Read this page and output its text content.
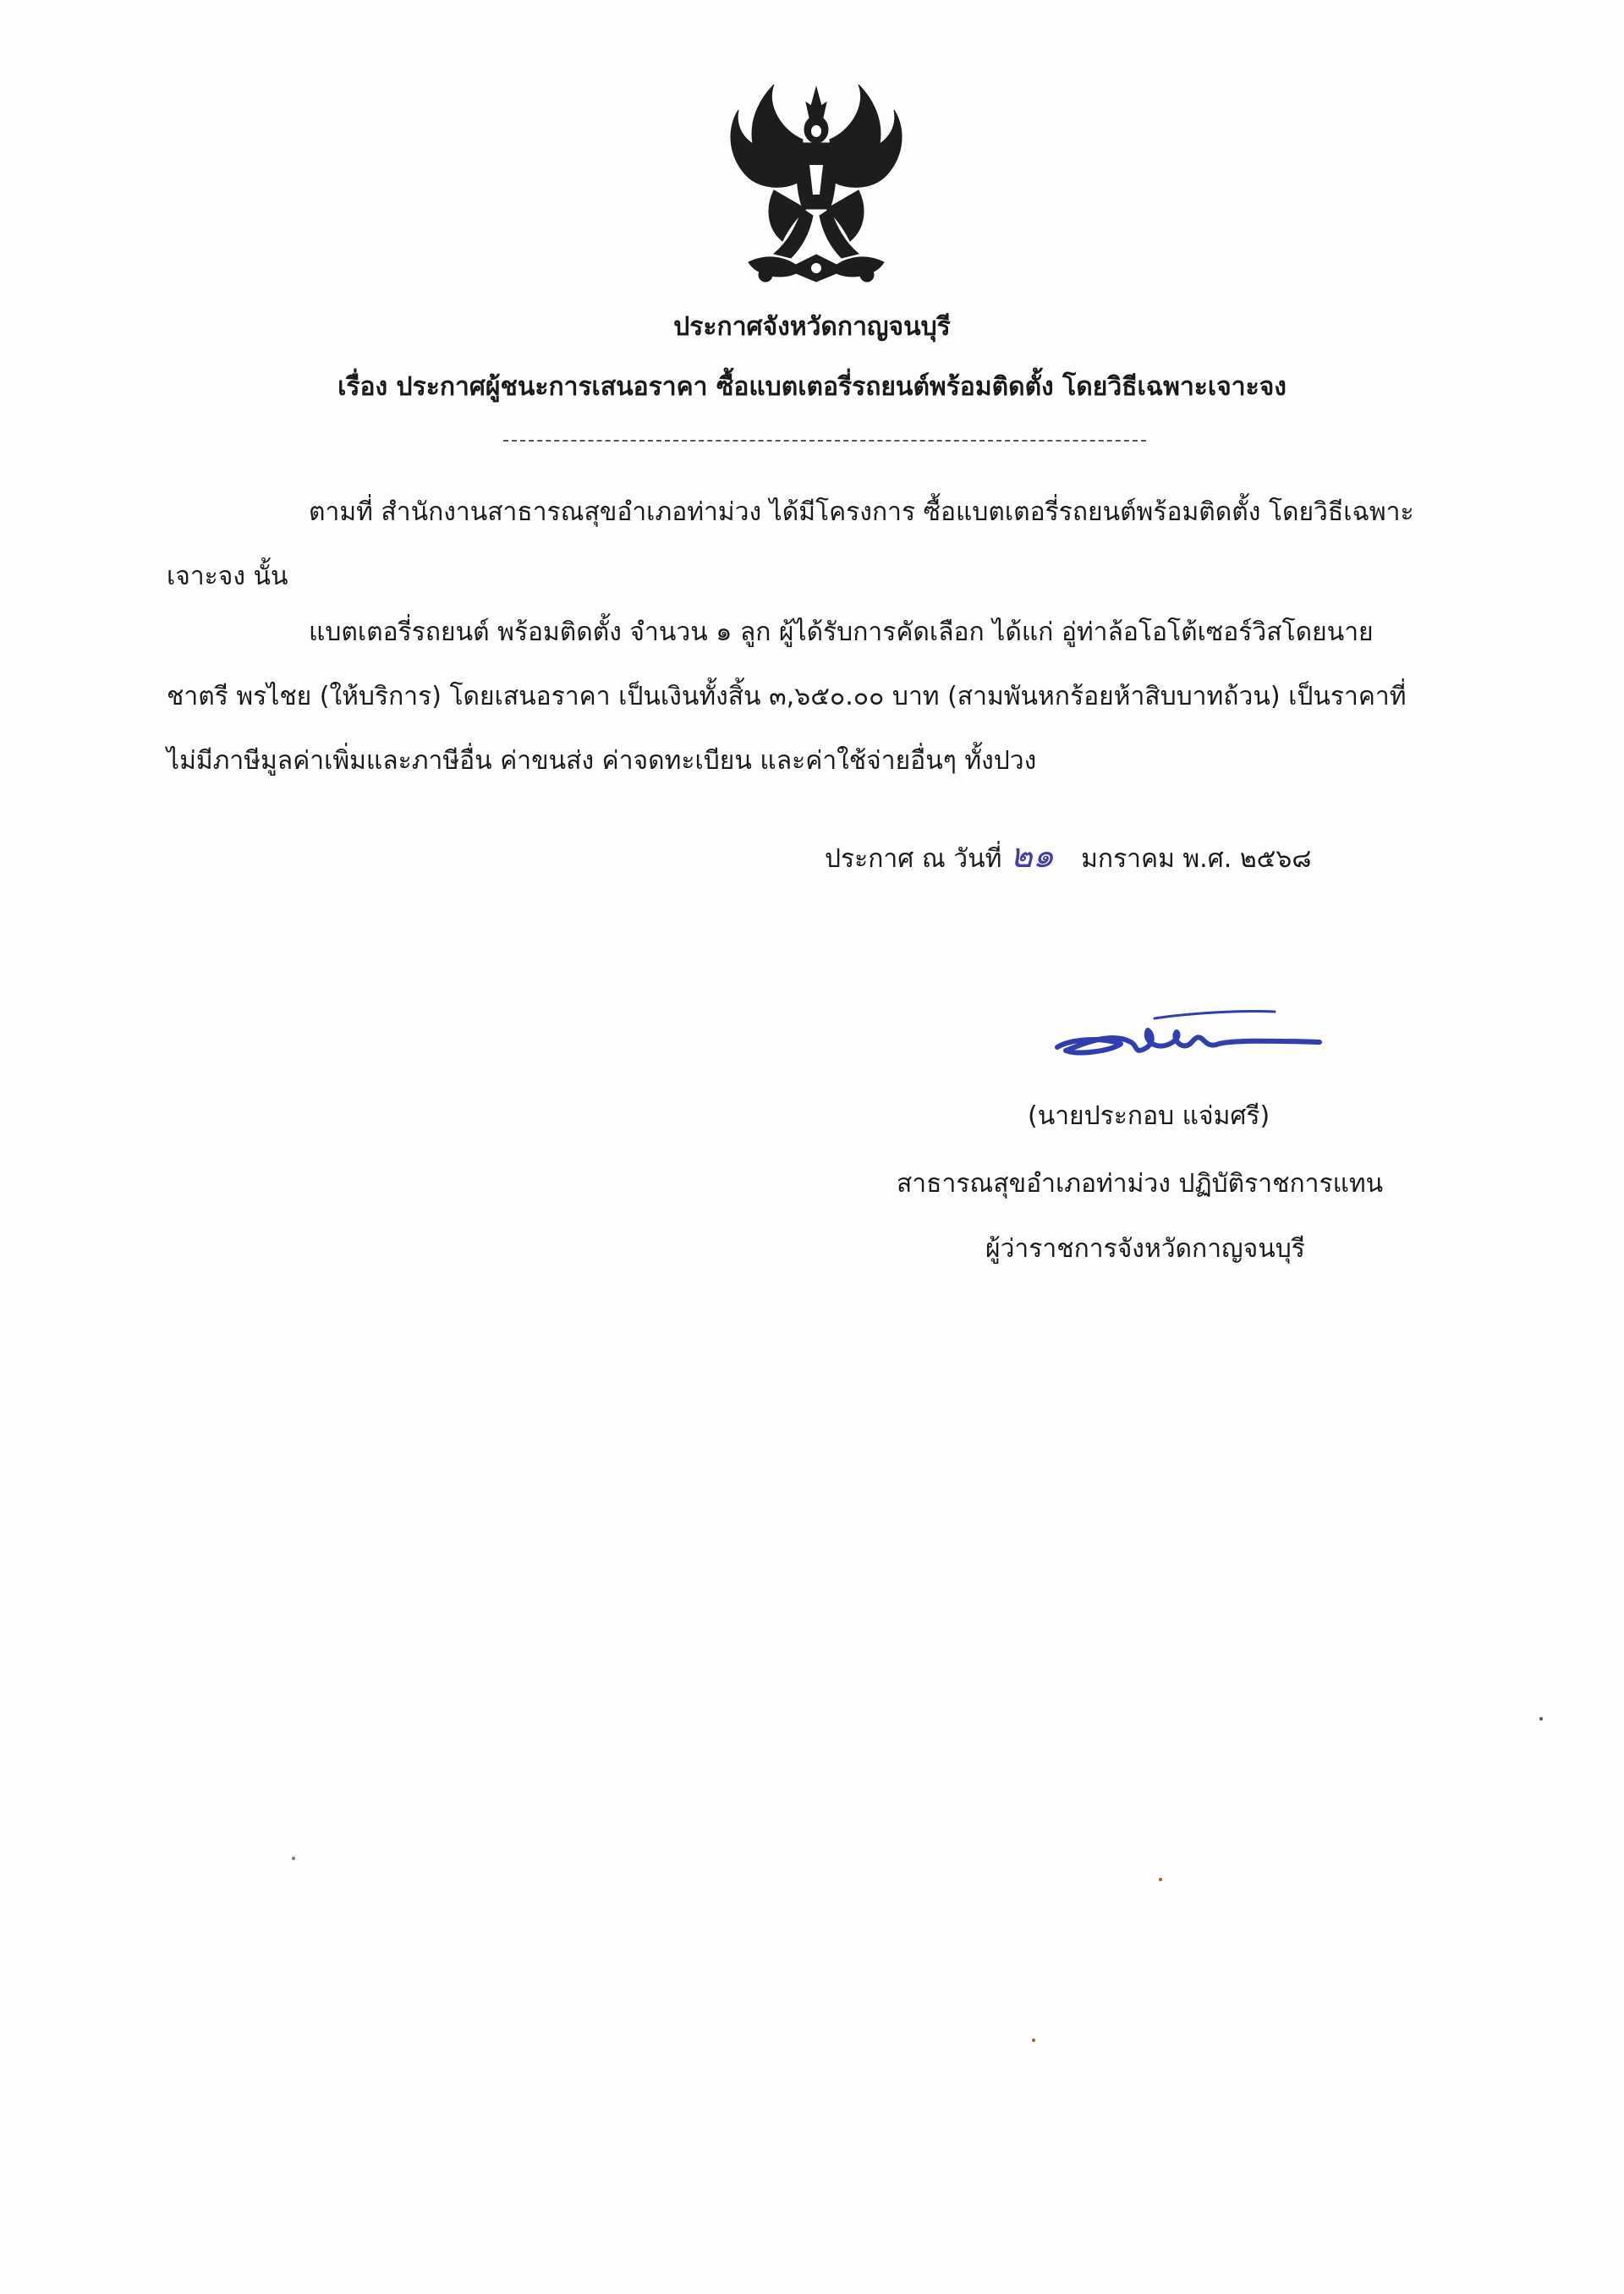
ประกาศจังหวัดกาญจนบุรี
เรื่อง ประกาศผู้ชนะการเสนอราคา ซื้อแบตเตอรี่รถยนต์พร้อมติดตั้ง โดยวิธีเฉพาะเจาะจง
ตามที่ สำนักงานสาธารณสุขอำเภอท่าม่วง ได้มีโครงการ ซื้อแบตเตอรี่รถยนต์พร้อมติดตั้ง โดยวิธีเฉพาะ
เจาะจง นั้น
แบตเตอรี่รถยนต์ พร้อมติดตั้ง จำนวน ๑ ลูก ผู้ได้รับการคัดเลือก ได้แก่ อู่ท่าล้อโอโต้เซอร์วิสโดยนาย
ชาตรี พรไชย (ให้บริการ) โดยเสนอราคา เป็นเงินทั้งสิ้น ๓,๖๕๐.๐๐ บาท (สามพันหกร้อยห้าสิบบาทถ้วน) เป็นราคาที่
ไม่มีภาษีมูลค่าเพิ่มและภาษีอื่น ค่าขนส่ง ค่าจดทะเบียน และค่าใช้จ่ายอื่นๆ ทั้งปวง
ประกาศ ณ วันที่ ๒๑ มกราคม พ.ศ. ๒๕๖๘
(นายประกอบ แจ่มศรี)
สาธารณสุขอำเภอท่าม่วง ปฏิบัติราชการแทน
ผู้ว่าราชการจังหวัดกาญจนบุรี
